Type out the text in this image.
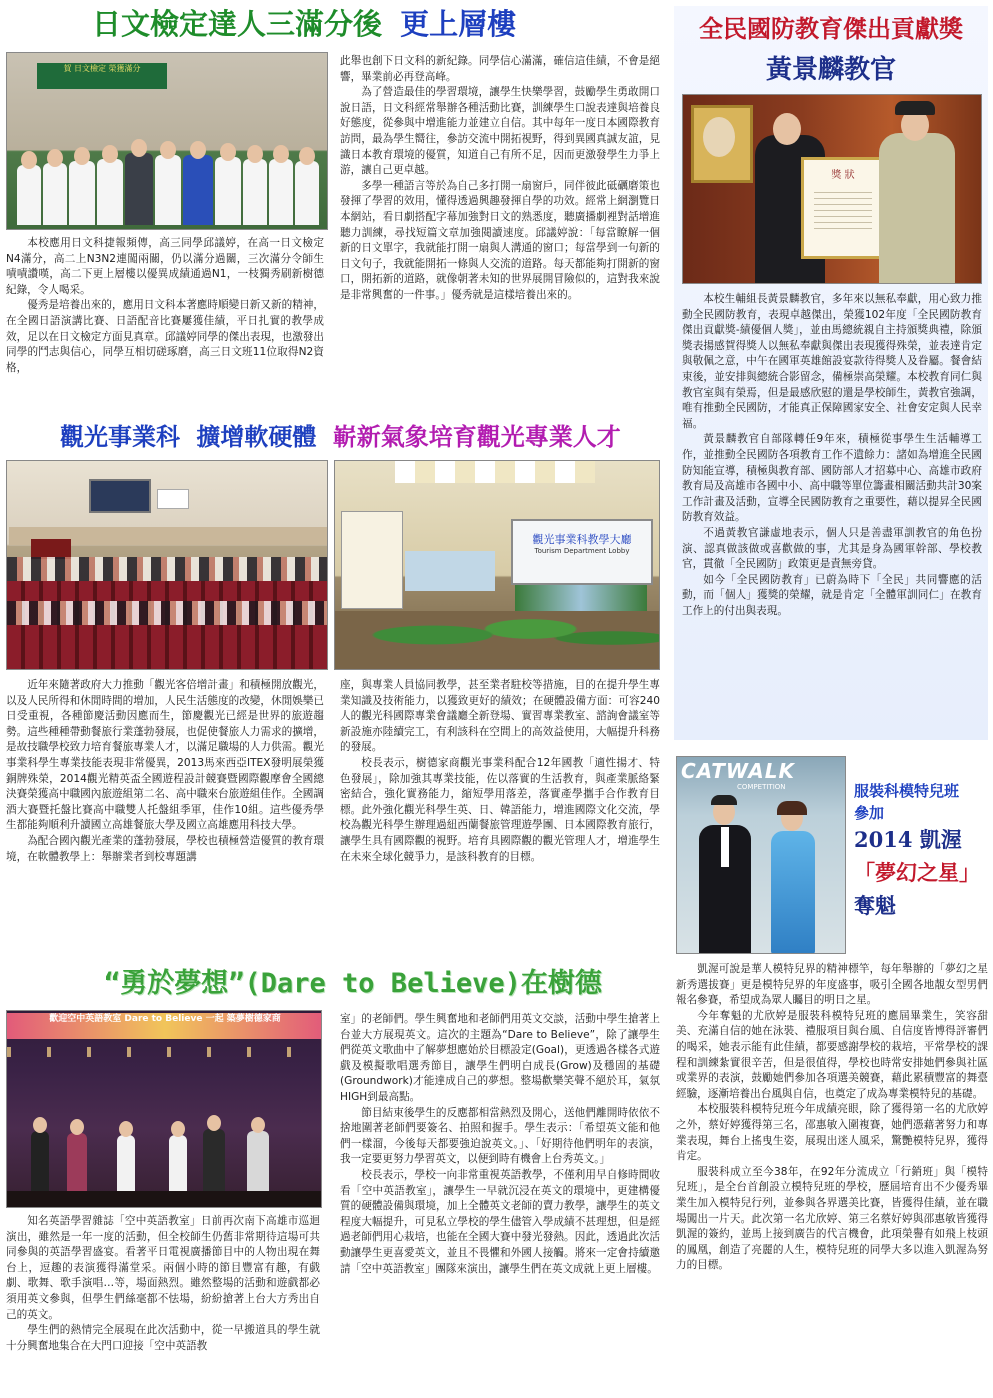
日文檢定達人三滿分後 更上層樓
賀 日文檢定 榮獲滿分

本校應用日文科捷報頻傳，高三同學邱議婷，在高一日文檢定N4滿分，高二上N3N2連闖兩關，仍以滿分過關，三次滿分令師生嘖嘖讚嘆，高二下更上層樓以優異成績通過N1，一枝獨秀刷新樹德紀錄，令人喝采。

優秀是培養出來的，應用日文科本著應時順變日新又新的精神，在全國日語演講比賽、日語配音比賽屢獲佳績，平日扎實的教學成效，足以在日文檢定方面見真章。邱議婷同學的傑出表現，也激發出同學的鬥志與信心，同學互相切磋琢磨，高三日文班11位取得N2資格，

此舉也創下日文科的新紀錄。同學信心滿滿，確信這佳績，不會是絕響，畢業前必再登高峰。

為了營造最佳的學習環境，讓學生快樂學習，鼓勵學生勇敢開口說日語，日文科經常舉辦各種活動比賽，訓練學生口說表達與培養良好態度，從參與中增進能力並建立自信。其中每年一度日本國際教育訪問，最為學生嚮往，參訪交流中開拓視野，得到異國真誠友誼，見識日本教育環境的優質，知道自己有所不足，因而更激發學生力爭上游，讓自己更卓越。

多學一種語言等於為自己多打開一扇窗戶，同伴彼此砥礪磨策也發揮了學習的效用，懂得透過興趣發揮自學的功效。經常上網瀏覽日本網站，看日劇搭配字幕加強對日文的熟悉度，聽廣播劇裡對話增進聽力訓練，尋找短篇文章加強閱讀速度。邱議婷說：「每當瞭解一個新的日文單字，我就能打開一扇與人溝通的窗口；每當學到一句新的日文句子，我就能開拓一條與人交流的道路。每天都能夠打開新的窗口，開拓新的道路，就像朝著未知的世界展開冒險似的，這對我來說是非常興奮的一件事。」優秀就是這樣培養出來的。

觀光事業科 擴增軟硬體 嶄新氣象培育觀光專業人才
觀光事業科教學大廳
Tourism Department Lobby

近年來隨著政府大力推動「觀光客倍增計畫」和積極開放觀光，以及人民所得和休閒時間的增加，人民生活態度的改變，休閒娛樂已日受重視，各種節慶活動因應而生，節慶觀光已經是世界的旅遊趨勢。這些種種帶動餐旅行業蓬勃發展，也促使餐旅人力需求的擴增，是故技職學校致力培育餐旅專業人才，以滿足職場的人力供需。觀光事業科學生專業技能表現非常優異，2013馬來西亞ITEX發明展榮獲銅牌殊榮，2014觀光精英盃全國遊程設計競賽暨國際觀摩會全國總決賽榮獲高中職國內旅遊組第二名、高中職來台旅遊組佳作。全國調酒大賽暨托盤比賽高中職雙人托盤組季軍，佳作10組。這些優秀學生都能夠順利升讀國立高雄餐旅大學及國立高雄應用科技大學。

為配合國內觀光產業的蓬勃發展，學校也積極營造優質的教育環境，在軟體教學上：舉辦業者到校專題講

座，與專業人員協同教學，甚至業者駐校等措施，目的在提升學生專業知識及技術能力，以獲致更好的績效；在硬體設備方面：可容240人的觀光科國際專業會議廳全新登場、實習專業教室、諮詢會議室等新設施亦陸續完工，有利該科在空間上的高效益使用，大幅提升科務的發展。

校長表示，樹德家商觀光事業科配合12年國教「適性揚才、特色發展」，除加強其專業技能，佐以落實的生活教育，與產業脈絡緊密結合，強化實務能力，縮短學用落差，落實產學攜手合作教育目標。此外強化觀光科學生英、日、韓語能力，增進國際文化交流，學校為觀光科學生辦理過紐西蘭餐旅管理遊學團、日本國際教育旅行，讓學生具有國際觀的視野。培育具國際觀的觀光管理人才，增進學生在未來全球化競爭力，是該科教育的目標。

“勇於夢想”(Dare to Believe)在樹德
歡迎空中英語教室 Dare to Believe 一起 築夢樹德家商

知名英語學習雜誌「空中英語教室」日前再次南下高雄市巡迴演出，雖然是一年一度的活動，但全校師生仍舊非常期待這場可共同參與的英語學習盛宴。看著平日電視廣播節目中的人物出現在舞台上，逗趣的表演獲得滿堂采。兩個小時的節目豐富有趣，有戲劇、歌舞、歌手演唱…等，場面熱烈。雖然整場的活動和遊戲都必須用英文參與，但學生們絲毫都不怯場，紛紛搶著上台大方秀出自己的英文。

學生們的熱情完全展現在此次活動中，從一早搬道具的學生就十分興奮地集合在大門口迎接「空中英語教

室」的老師們。學生興奮地和老師們用英文交談，活動中學生搶著上台並大方展現英文。這次的主題為“Dare to Believe”，除了讓學生們從英文歌曲中了解夢想應始於目標設定(Goal)，更透過各樣各式遊戲及模擬歌唱選秀節目，讓學生們明白成長(Grow)及穩固的基礎(Groundwork)才能達成自己的夢想。整場歡樂笑聲不絕於耳，氣氛HIGH到最高點。

節目結束後學生的反應都相當熱烈及開心，送他們離開時依依不捨地圍著老師們要簽名、拍照和握手。學生表示：「希望英文能和他們一樣溜，今後每天都要強迫說英文。」、「好期待他們明年的表演，我一定要更努力學習英文，以便到時有機會上台秀英文。」

校長表示，學校一向非常重視英語教學，不僅利用早自修時間收看「空中英語教室」，讓學生一早就沉浸在英文的環境中，更建構優質的硬體設備與環境，加上全體英文老師的賣力教學，讓學生的英文程度大幅提升，可見私立學校的學生儘管入學成績不甚理想，但是經過老師們用心栽培，也能在全國大賽中發光發熱。因此，透過此次活動讓學生更喜愛英文，並且不畏懼和外國人接觸。將來一定會持續邀請「空中英語教室」團隊來演出，讓學生們在英文成就上更上層樓。

全民國防教育傑出貢獻獎
黃景麟教官
獎 狀

本校生輔組長黃景麟教官，多年來以無私奉獻，用心致力推動全民國防教育，表現卓越傑出，榮獲102年度「全民國防教育傑出貢獻獎-績優個人獎」，並由馬總統親自主持頒獎典禮，除頒獎表揚感賀得獎人以無私奉獻與傑出表現獲得殊榮，並表達肯定與敬佩之意，中午在國軍英雄館設宴款待得獎人及眷屬。餐會結束後，並安排與總統合影留念，備極崇高榮耀。本校教育同仁與教官室與有榮焉，但是最感欣慰的還是學校師生，黃教官強調，唯有推動全民國防，才能真正保障國家安全、社會安定與人民幸福。

黃景麟教官自部隊轉任9年來，積極從事學生生活輔導工作，並推動全民國防各項教育工作不遺餘力：諸如為增進全民國防知能宣導，積極與教育部、國防部人才招募中心、高雄市政府教育局及高雄市各國中小、高中職等單位籌畫相關活動共計30案工作計畫及活動，宣導全民國防教育之重要性，藉以提昇全民國防教育效益。

不過黃教官謙虛地表示，個人只是善盡軍訓教官的角色扮演、認真做該做或喜歡做的事，尤其是身為國軍幹部、學校教官，貫徹「全民國防」政策更是責無旁貸。

如今「全民國防教育」已蔚為時下「全民」共同響應的活動，而「個人」獲獎的榮耀，就是肯定「全體軍訓同仁」在教育工作上的付出與表現。

CATWALK
COMPETITION	服裝科模特兒班
參加
2014 凱渥
「夢幻之星」
奪魁

凱渥可說是華人模特兒界的精神標竿，每年舉辦的「夢幻之星新秀選拔賽」更是模特兒界的年度盛事，吸引全國各地靚女型男們報名參賽，希望成為眾人矚目的明日之星。

今年奪魁的尤欣婷是服裝科模特兒班的應屆畢業生，笑容甜美、充滿自信的她在泳裝、禮服項目與台風、自信度皆博得評審們的喝采，她表示能有此佳績，都要感謝學校的栽培，平常學校的課程和訓練紮實很辛苦，但是很值得，學校也時常安排她們參與社區或業界的表演，鼓勵她們參加各項選美競賽，藉此累積豐富的舞臺經驗，逐漸培養出台風與自信，也奠定了成為專業模特兒的基礎。

本校服裝科模特兒班今年成績亮眼，除了獲得第一名的尤欣婷之外，蔡好婷獲得第三名，邵惠敏入圍複賽，她們憑藉著努力和專業表現，舞台上搖曳生姿，展現出迷人風采，驚艷模特兒界，獲得肯定。

服裝科成立至今38年，在92年分流成立「行銷班」與「模特兒班」，是全台首創設立模特兒班的學校，歷屆培育出不少優秀畢業生加入模特兒行列，並參與各界選美比賽，皆獲得佳績，並在職場闖出一片天。此次第一名尤欣婷、第三名蔡好婷與邵惠敏皆獲得凱渥的簽約，並馬上接到廣告的代言機會，此項榮譽有如飛上枝頭的鳳凰，創造了亮麗的人生，模特兒班的同學大多以進入凱渥為努力的目標。
